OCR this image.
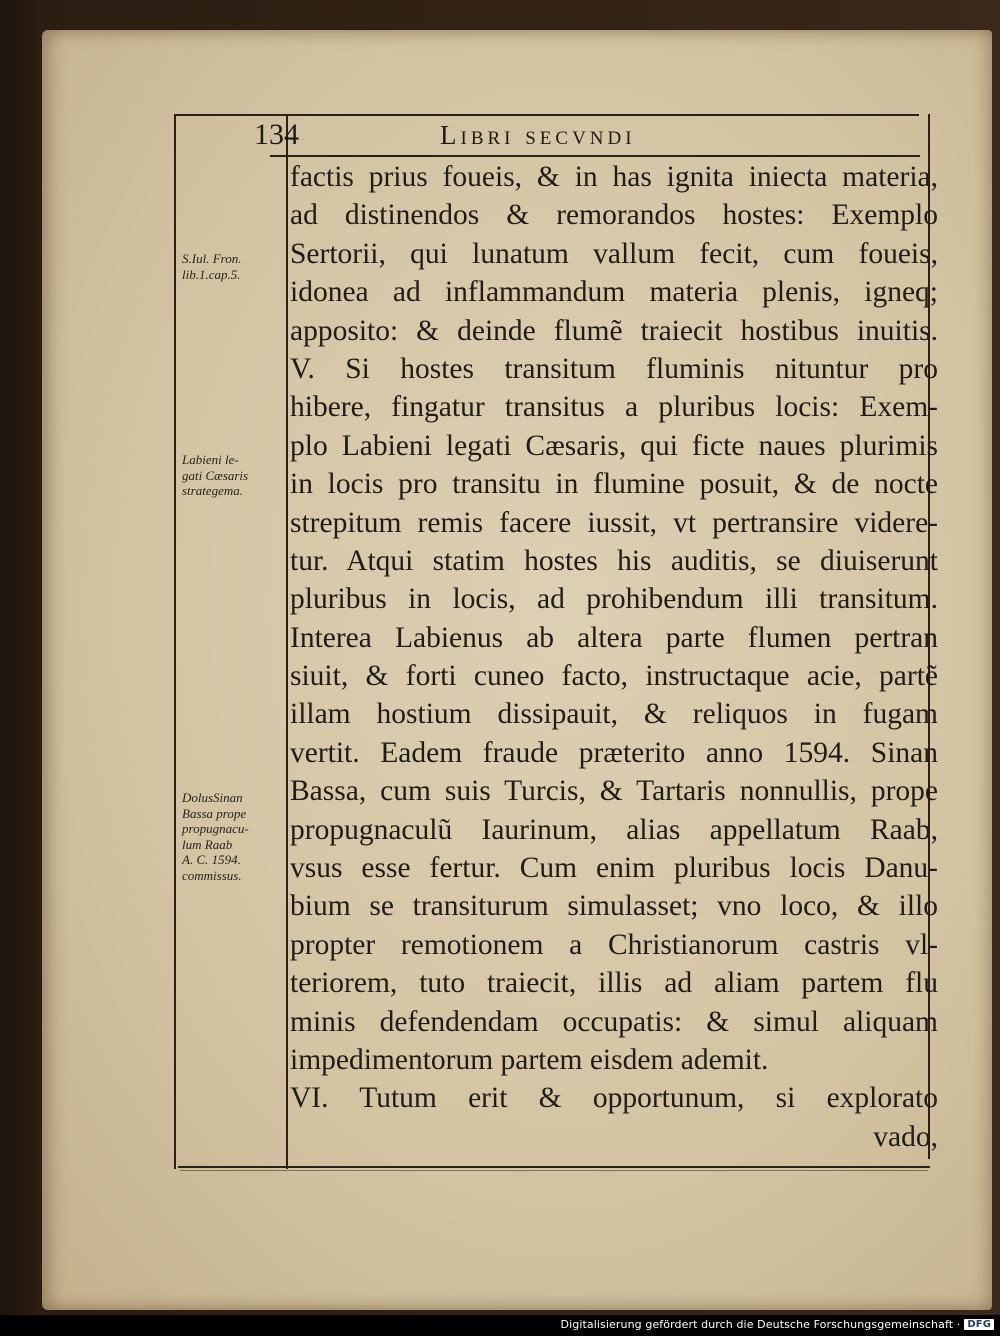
134	Libri secvndi
factis prius foueis, & in has ignita iniecta materia,
ad distinendos & remorandos hostes: Exemplo
Sertorii, qui lunatum vallum fecit, cum foueis,
idonea ad inflammandum materia plenis, igneq;
apposito: & deinde flumẽ traiecit hostibus inuitis.
V. Si hostes transitum fluminis nituntur pro
hibere, fingatur transitus a pluribus locis: Exem-
plo Labieni legati Cæsaris, qui ficte naues plurimis
in locis pro transitu in flumine posuit, & de nocte
strepitum remis facere iussit, vt pertransire videre-
tur. Atqui statim hostes his auditis, se diuiserunt
pluribus in locis, ad prohibendum illi transitum.
Interea Labienus ab altera parte flumen pertran
siuit, & forti cuneo facto, instructaque acie, partẽ
illam hostium dissipauit, & reliquos in fugam
vertit. Eadem fraude præterito anno 1594. Sinan
Bassa, cum suis Turcis, & Tartaris nonnullis, prope
propugnaculũ Iaurinum, alias appellatum Raab,
vsus esse fertur. Cum enim pluribus locis Danu-
bium se transiturum simulasset; vno loco, & illo
propter remotionem a Christianorum castris vl-
teriorem, tuto traiecit, illis ad aliam partem flu
minis defendendam occupatis: & simul aliquam
impedimentorum partem eisdem ademit.
VI. Tutum erit & opportunum, si explorato
vado,
S.Iul. Fron.
lib.1.cap.5.
Labieni le-
gati Cæsaris
strategema.
DolusSinan
Bassa prope
propugnacu-
lum Raab
A. C. 1594.
commissus.
Digitalisierung gefördert durch die Deutsche Forschungsgemeinschaft · DFG
